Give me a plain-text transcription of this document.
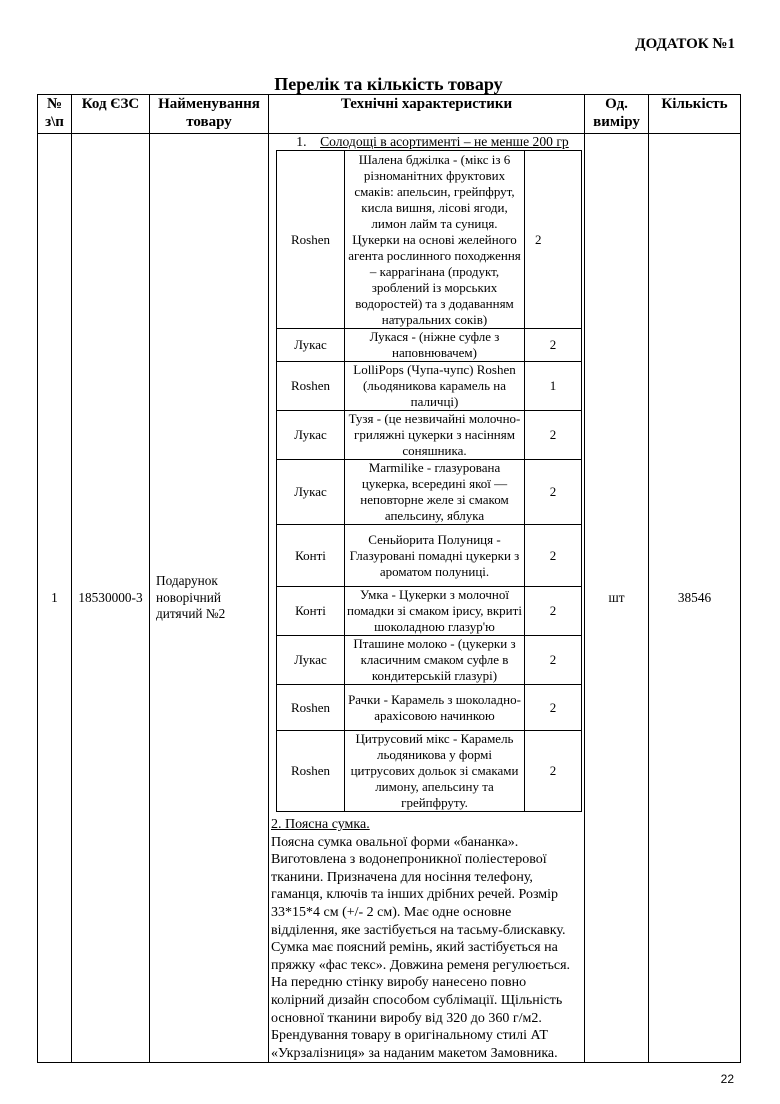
ДОДАТОК №1
Перелік та кількість товару
№ з\п	Код ЄЗС	Найменування товару	Технічні характеристики	Од. виміру	Кількість
1	18530000-3	Подарунок новорічний дитячий №2	
1. Солодощі в асортименті – не менше 200 гр
Roshen	Шалена бджілка - (мікс із 6 різноманітних фруктових смаків: апельсин, грейпфрут, кисла вишня, лісові ягоди, лимон лайм та суниця. Цукерки на основі желейного агента рослинного походження – каррагінана (продукт, зроблений із морських водоростей) та з додаванням натуральних соків)	2
Лукас	Лукася - (ніжне суфле з наповнювачем)	2
Roshen	LolliPops (Чупа-чупс) Roshen (льодяникова карамель на паличці)	1
Лукас	Тузя - (це незвичайні молочно-гриляжні цукерки з насінням соняшника.	2
Лукас	Marmilike - глазурована цукерка, всередині якої — неповторне желе зі смаком апельсину, яблука	2
Конті	Сеньйорита Полуниця - Глазуровані помадні цукерки з ароматом полуниці.	2
Конті	Умка - Цукерки з молочної помадки зі смаком ірису, вкриті шоколадною глазур'ю	2
Лукас	Пташине молоко - (цукерки з класичним смаком суфле в кондитерській глазурі)	2
Roshen	Рачки - Карамель з шоколадно-арахісовою начинкою	2
Roshen	Цитрусовий мікс - Карамель льодяникова у формі цитрусових дольок зі смаками лимону, апельсину та грейпфруту.	2
2. Поясна сумка.
Поясна сумка овальної форми «бананка». Виготовлена з водонепроникної поліестерової тканини. Призначена для носіння телефону, гаманця, ключів та інших дрібних речей. Розмір 33*15*4 см (+/- 2 см). Має одне основне відділення, яке застібується на тасьму-блискавку. Сумка має поясний ремінь, який застібується на пряжку «фас текс». Довжина ременя регулюється. На передню стінку виробу нанесено повно колірний дизайн способом сублімації. Щільність основної тканини виробу від 320 до 360 г/м2.
Брендування товару в оригінальному стилі АТ «Укрзалізниця» за наданим макетом Замовника.
	шт	38546
22
